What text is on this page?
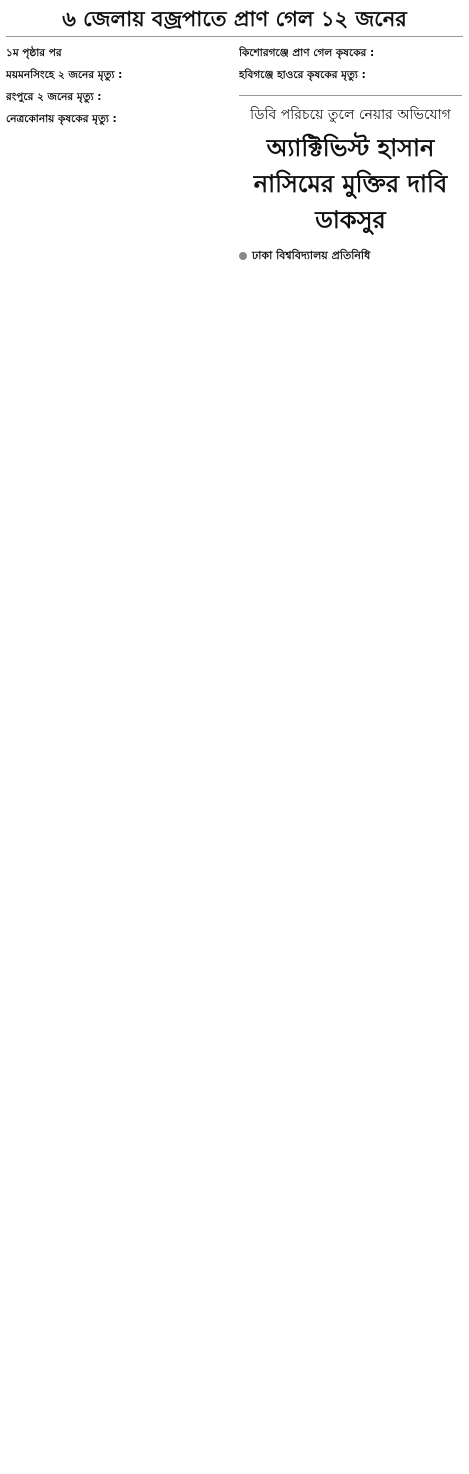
৬ জেলায় বজ্রপাতে প্রাণ গেল ১২ জনের
১ম পৃষ্ঠার পর
ময়মনসিংহে ২ জনের মৃত্যু :
রংপুরে ২ জনের মৃত্যু :
নেত্রকোনায় কৃষকের মৃত্যু :
কিশোরগঞ্জে প্রাণ গেল কৃষকের :
হবিগঞ্জে হাওরে কৃষকের মৃত্যু :
ডিবি পরিচয়ে তুলে নেয়ার অভিযোগ
অ্যাক্টিভিস্ট হাসান নাসিমের মুক্তির দাবি ডাকসুর
ঢাকা বিশ্ববিদ্যালয় প্রতিনিধি
